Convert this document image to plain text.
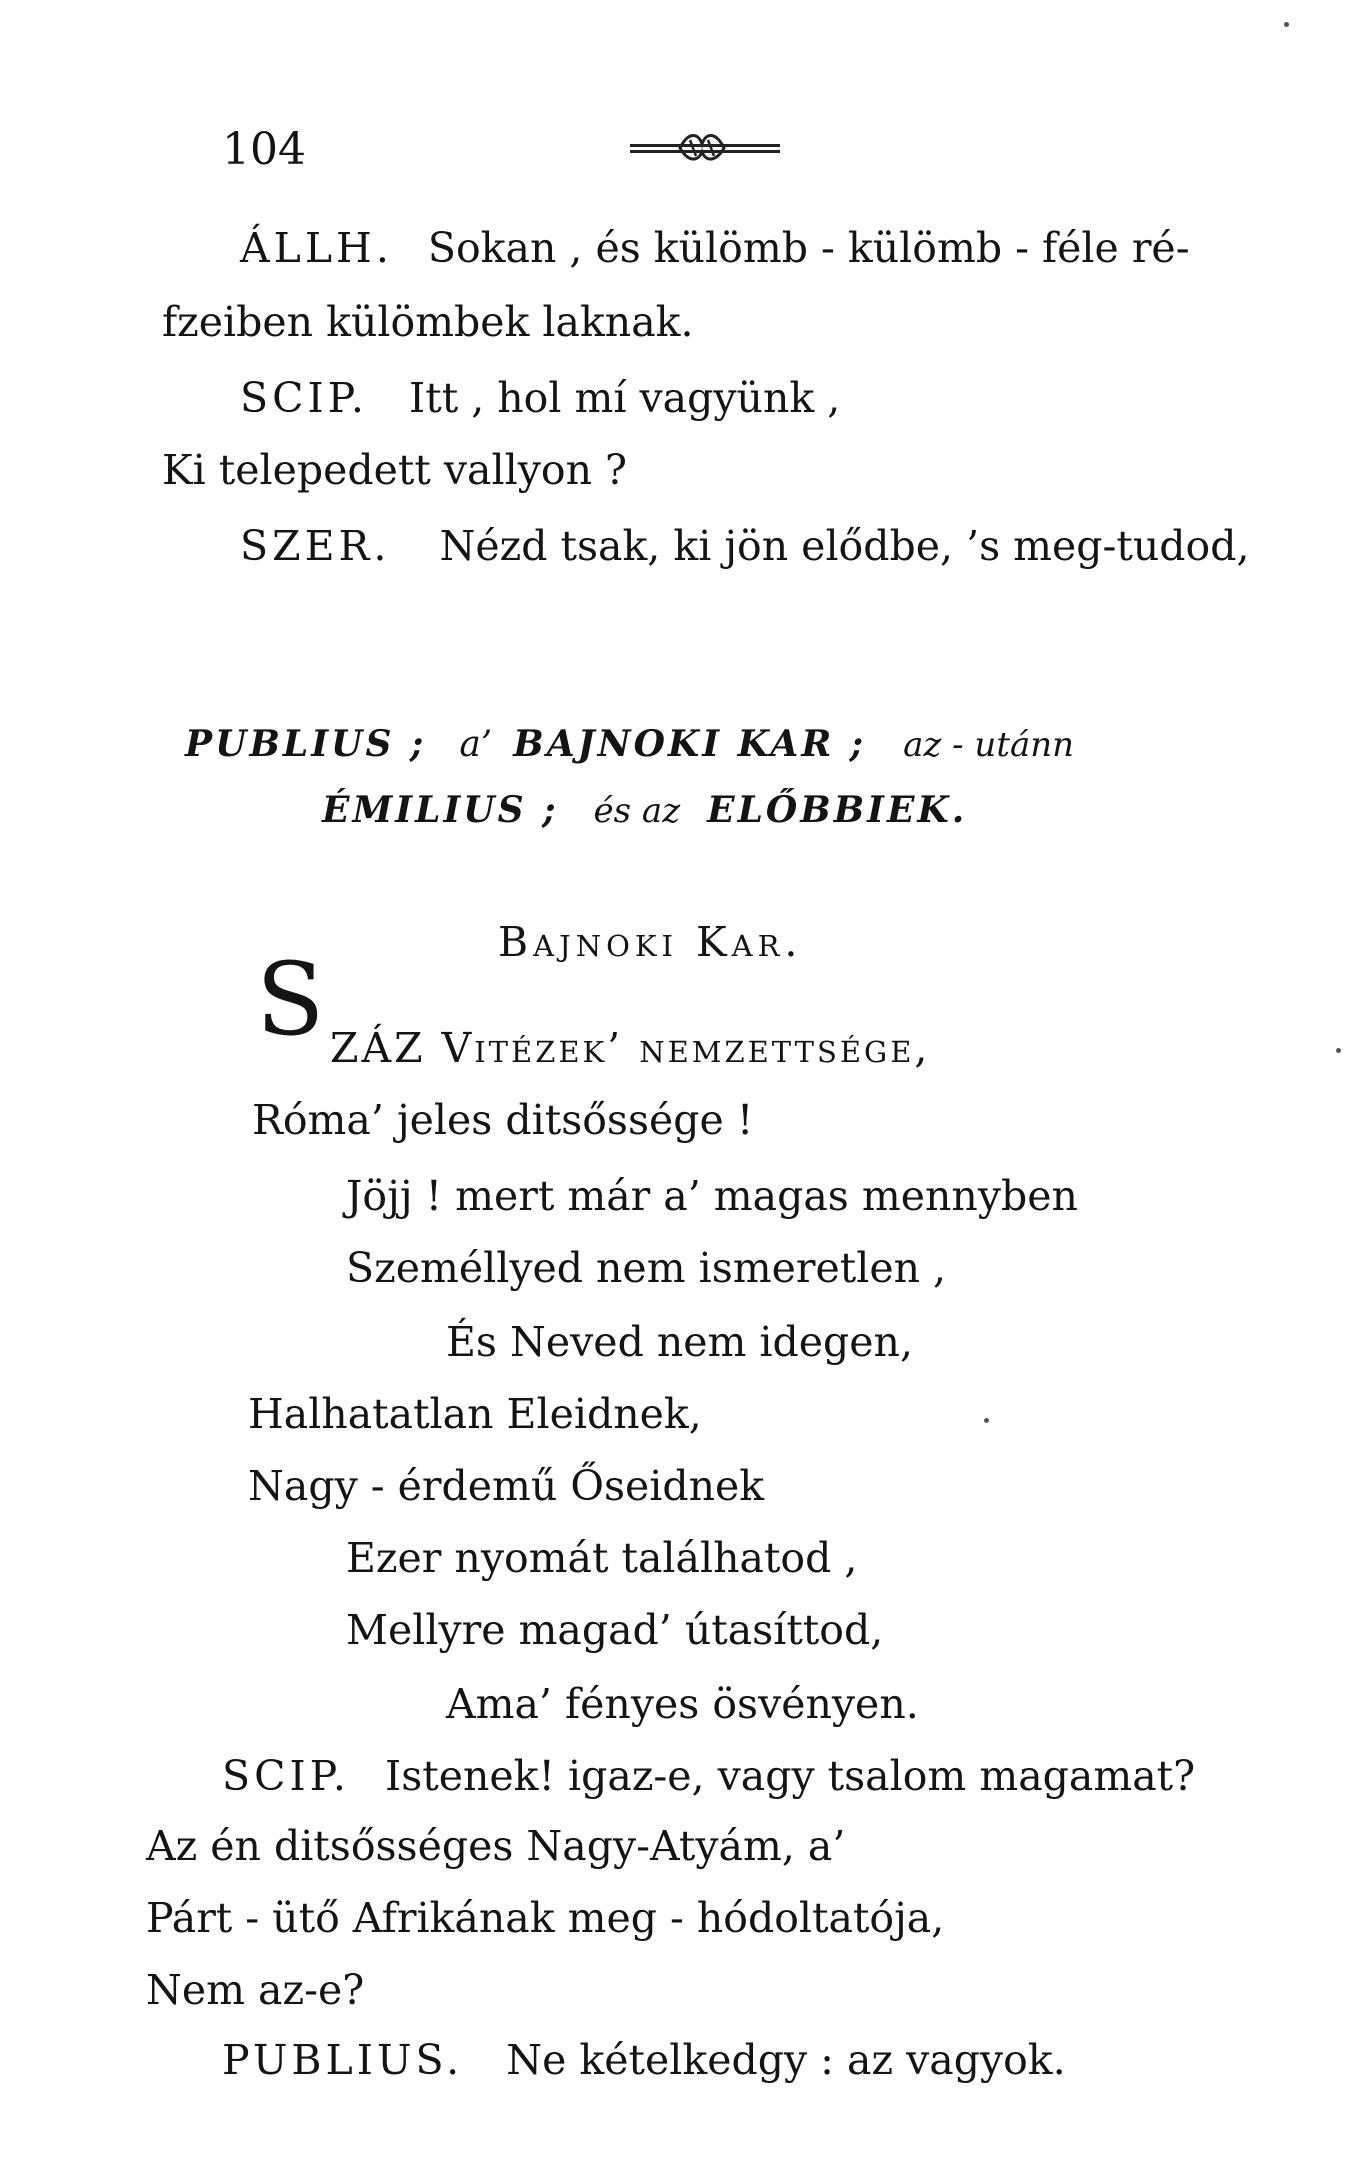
104
ÁLLH. Sokan , és külömb - külömb - féle ré-
fzeiben külömbek laknak.
SCIP. Itt , hol mí vagyünk ,
Ki telepedett vallyon ?
SZER. Nézd tsak, ki jön elődbe, ’s meg-tudod,
PUBLIUS ; a’ BAJNOKI KAR ; az - utánn
ÉMILIUS ; és az ELŐBBIEK.
Bajnoki Kar.
S ZÁZ Vitézek’ nemzettsége,
Róma’ jeles ditsőssége !
Jöjj ! mert már a’ magas mennyben
Személlyed nem ismeretlen ,
És Neved nem idegen,
Halhatatlan Eleidnek,
Nagy - érdemű Őseidnek
Ezer nyomát találhatod ,
Mellyre magad’ útasíttod,
Ama’ fényes ösvényen.
SCIP. Istenek! igaz-e, vagy tsalom magamat?
Az én ditsősséges Nagy-Atyám, a’
Párt - ütő Afrikának meg - hódoltatója,
Nem az-e?
PUBLIUS. Ne kételkedgy : az vagyok.
